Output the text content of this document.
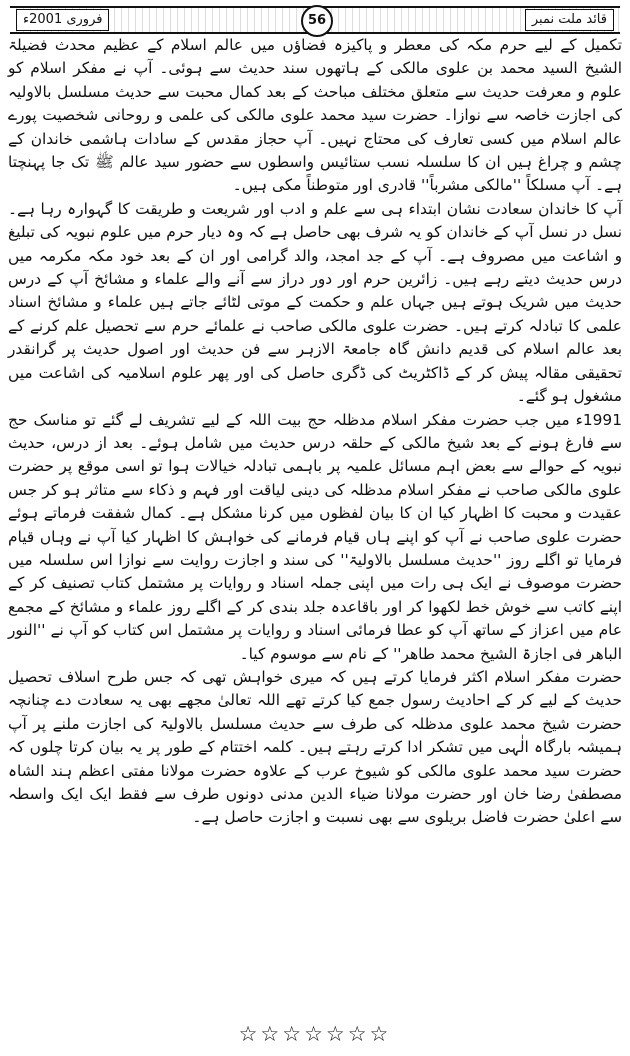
فروری 2001ء	56	قائد ملت نمبر

تکمیل کے لیے حرم مکہ کی معطر و پاکیزہ فضاؤں میں عالم اسلام کے عظیم محدث فضیلۃ الشیخ السید محمد بن علوی مالکی کے ہاتھوں سند حدیث سے ہوئی۔ آپ نے مفکر اسلام کو علوم و معرفت حدیث سے متعلق مختلف مباحث کے بعد کمال محبت سے حدیث مسلسل بالاولیہ کی اجازت خاصہ سے نوازا۔ حضرت سید محمد علوی مالکی کی علمی و روحانی شخصیت پورے عالم اسلام میں کسی تعارف کی محتاج نہیں۔ آپ حجاز مقدس کے سادات ہاشمی خاندان کے چشم و چراغ ہیں ان کا سلسلہ نسب ستائیس واسطوں سے حضور سید عالم ﷺ تک جا پہنچتا ہے۔ آپ مسلکاً ''مالکی مشرباً'' قادری اور متوطناً مکی ہیں۔

آپ کا خاندان سعادت نشان ابتداء ہی سے علم و ادب اور شریعت و طریقت کا گہوارہ رہا ہے۔ نسل در نسل آپ کے خاندان کو یہ شرف بھی حاصل ہے کہ وہ دیار حرم میں علوم نبویہ کی تبلیغ و اشاعت میں مصروف ہے۔ آپ کے جد امجد، والد گرامی اور ان کے بعد خود مکہ مکرمہ میں درس حدیث دیتے رہے ہیں۔ زائرین حرم اور دور دراز سے آنے والے علماء و مشائخ آپ کے درس حدیث میں شریک ہوتے ہیں جہاں علم و حکمت کے موتی لٹائے جاتے ہیں علماء و مشائخ اسناد علمی کا تبادلہ کرتے ہیں۔ حضرت علوی مالکی صاحب نے علمائے حرم سے تحصیل علم کرنے کے بعد عالم اسلام کی قدیم دانش گاہ جامعۃ الازہر سے فن حدیث اور اصول حدیث پر گرانقدر تحقیقی مقالہ پیش کر کے ڈاکٹریٹ کی ڈگری حاصل کی اور پھر علوم اسلامیہ کی اشاعت میں مشغول ہو گئے۔

1991ء میں جب حضرت مفکر اسلام مدظلہ حج بیت اللہ کے لیے تشریف لے گئے تو مناسک حج سے فارغ ہونے کے بعد شیخ مالکی کے حلقہ درس حدیث میں شامل ہوئے۔ بعد از درس، حدیث نبویہ کے حوالے سے بعض اہم مسائل علمیہ پر باہمی تبادلہ خیالات ہوا تو اسی موقع پر حضرت علوی مالکی صاحب نے مفکر اسلام مدظلہ کی دینی لیاقت اور فہم و ذکاء سے متاثر ہو کر جس عقیدت و محبت کا اظہار کیا ان کا بیان لفظوں میں کرنا مشکل ہے۔ کمال شفقت فرماتے ہوئے حضرت علوی صاحب نے آپ کو اپنے ہاں قیام فرمانے کی خواہش کا اظہار کیا آپ نے وہاں قیام فرمایا تو اگلے روز ''حدیث مسلسل بالاولیۃ'' کی سند و اجازت روایت سے نوازا اس سلسلہ میں حضرت موصوف نے ایک ہی رات میں اپنی جملہ اسناد و روایات پر مشتمل کتاب تصنیف کر کے اپنے کاتب سے خوش خط لکھوا کر اور باقاعدہ جلد بندی کر کے اگلے روز علماء و مشائخ کے مجمع عام میں اعزاز کے ساتھ آپ کو عطا فرمائی اسناد و روایات پر مشتمل اس کتاب کو آپ نے ''النور الباھر فی اجازۃ الشیخ محمد طاھر'' کے نام سے موسوم کیا۔

حضرت مفکر اسلام اکثر فرمایا کرتے ہیں کہ میری خواہش تھی کہ جس طرح اسلاف تحصیل حدیث کے لیے کر کے احادیث رسول جمع کیا کرتے تھے اللہ تعالیٰ مجھے بھی یہ سعادت دے چنانچہ حضرت شیخ محمد علوی مدظلہ کی طرف سے حدیث مسلسل بالاولیۃ کی اجازت ملنے پر آپ ہمیشہ بارگاہ الٰہی میں تشکر ادا کرتے رہتے ہیں۔ کلمہ اختتام کے طور پر یہ بیان کرتا چلوں کہ حضرت سید محمد علوی مالکی کو شیوخ عرب کے علاوہ حضرت مولانا مفتی اعظم ہند الشاہ مصطفیٰ رضا خان اور حضرت مولانا ضیاء الدین مدنی دونوں طرف سے فقط ایک ایک واسطہ سے اعلیٰ حضرت فاضل بریلوی سے بھی نسبت و اجازت حاصل ہے۔

☆☆☆☆☆☆☆
